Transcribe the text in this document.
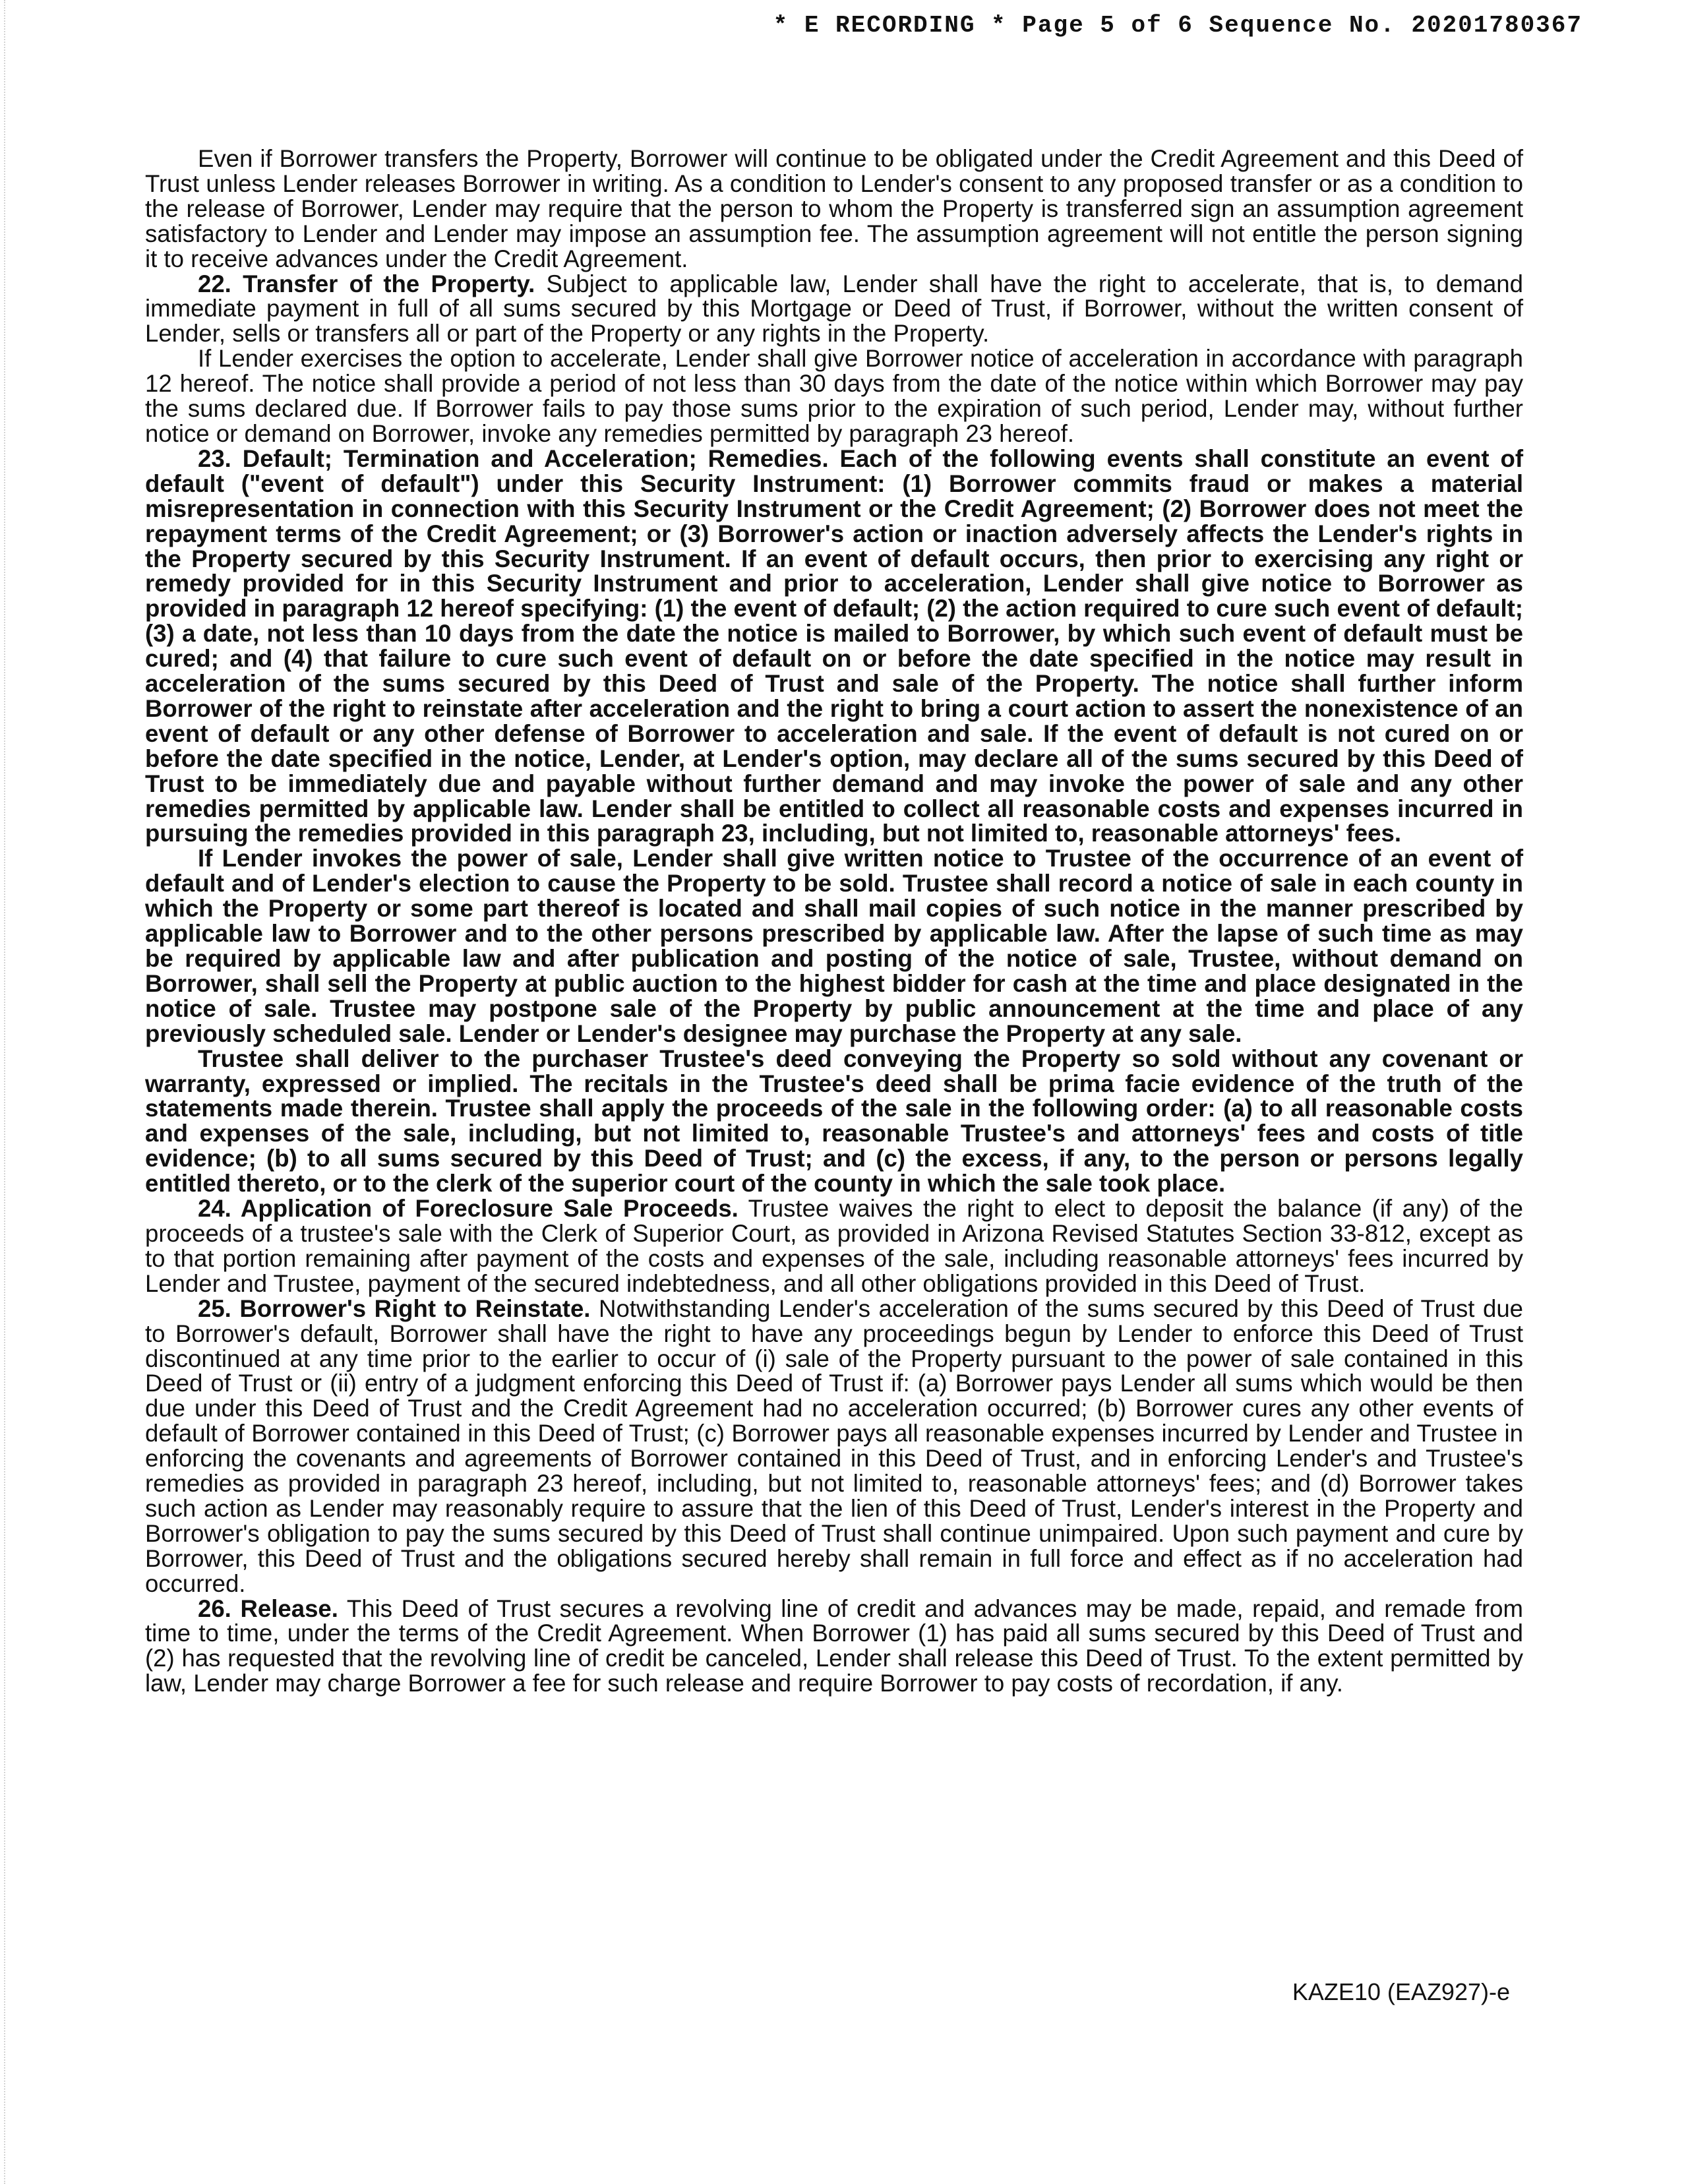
* E RECORDING * Page 5 of 6 Sequence No. 20201780367

Even if Borrower transfers the Property, Borrower will continue to be obligated under the Credit Agreement and this Deed of Trust unless Lender releases Borrower in writing. As a condition to Lender's consent to any proposed transfer or as a condition to the release of Borrower, Lender may require that the person to whom the Property is transferred sign an assumption agreement satisfactory to Lender and Lender may impose an assumption fee. The assumption agreement will not entitle the person signing it to receive advances under the Credit Agreement.

22. Transfer of the Property. Subject to applicable law, Lender shall have the right to accelerate, that is, to demand immediate payment in full of all sums secured by this Mortgage or Deed of Trust, if Borrower, without the written consent of Lender, sells or transfers all or part of the Property or any rights in the Property.

If Lender exercises the option to accelerate, Lender shall give Borrower notice of acceleration in accordance with paragraph 12 hereof. The notice shall provide a period of not less than 30 days from the date of the notice within which Borrower may pay the sums declared due. If Borrower fails to pay those sums prior to the expiration of such period, Lender may, without further notice or demand on Borrower, invoke any remedies permitted by paragraph 23 hereof.

23. Default; Termination and Acceleration; Remedies. Each of the following events shall constitute an event of default ("event of default") under this Security Instrument: (1) Borrower commits fraud or makes a material misrepresentation in connection with this Security Instrument or the Credit Agreement; (2) Borrower does not meet the repayment terms of the Credit Agreement; or (3) Borrower's action or inaction adversely affects the Lender's rights in the Property secured by this Security Instrument. If an event of default occurs, then prior to exercising any right or remedy provided for in this Security Instrument and prior to acceleration, Lender shall give notice to Borrower as provided in paragraph 12 hereof specifying: (1) the event of default; (2) the action required to cure such event of default; (3) a date, not less than 10 days from the date the notice is mailed to Borrower, by which such event of default must be cured; and (4) that failure to cure such event of default on or before the date specified in the notice may result in acceleration of the sums secured by this Deed of Trust and sale of the Property. The notice shall further inform Borrower of the right to reinstate after acceleration and the right to bring a court action to assert the nonexistence of an event of default or any other defense of Borrower to acceleration and sale. If the event of default is not cured on or before the date specified in the notice, Lender, at Lender's option, may declare all of the sums secured by this Deed of Trust to be immediately due and payable without further demand and may invoke the power of sale and any other remedies permitted by applicable law. Lender shall be entitled to collect all reasonable costs and expenses incurred in pursuing the remedies provided in this paragraph 23, including, but not limited to, reasonable attorneys' fees.

If Lender invokes the power of sale, Lender shall give written notice to Trustee of the occurrence of an event of default and of Lender's election to cause the Property to be sold. Trustee shall record a notice of sale in each county in which the Property or some part thereof is located and shall mail copies of such notice in the manner prescribed by applicable law to Borrower and to the other persons prescribed by applicable law. After the lapse of such time as may be required by applicable law and after publication and posting of the notice of sale, Trustee, without demand on Borrower, shall sell the Property at public auction to the highest bidder for cash at the time and place designated in the notice of sale. Trustee may postpone sale of the Property by public announcement at the time and place of any previously scheduled sale. Lender or Lender's designee may purchase the Property at any sale.

Trustee shall deliver to the purchaser Trustee's deed conveying the Property so sold without any covenant or warranty, expressed or implied. The recitals in the Trustee's deed shall be prima facie evidence of the truth of the statements made therein. Trustee shall apply the proceeds of the sale in the following order: (a) to all reasonable costs and expenses of the sale, including, but not limited to, reasonable Trustee's and attorneys' fees and costs of title evidence; (b) to all sums secured by this Deed of Trust; and (c) the excess, if any, to the person or persons legally entitled thereto, or to the clerk of the superior court of the county in which the sale took place.

24. Application of Foreclosure Sale Proceeds. Trustee waives the right to elect to deposit the balance (if any) of the proceeds of a trustee's sale with the Clerk of Superior Court, as provided in Arizona Revised Statutes Section 33-812, except as to that portion remaining after payment of the costs and expenses of the sale, including reasonable attorneys' fees incurred by Lender and Trustee, payment of the secured indebtedness, and all other obligations provided in this Deed of Trust.

25. Borrower's Right to Reinstate. Notwithstanding Lender's acceleration of the sums secured by this Deed of Trust due to Borrower's default, Borrower shall have the right to have any proceedings begun by Lender to enforce this Deed of Trust discontinued at any time prior to the earlier to occur of (i) sale of the Property pursuant to the power of sale contained in this Deed of Trust or (ii) entry of a judgment enforcing this Deed of Trust if: (a) Borrower pays Lender all sums which would be then due under this Deed of Trust and the Credit Agreement had no acceleration occurred; (b) Borrower cures any other events of default of Borrower contained in this Deed of Trust; (c) Borrower pays all reasonable expenses incurred by Lender and Trustee in enforcing the covenants and agreements of Borrower contained in this Deed of Trust, and in enforcing Lender's and Trustee's remedies as provided in paragraph 23 hereof, including, but not limited to, reasonable attorneys' fees; and (d) Borrower takes such action as Lender may reasonably require to assure that the lien of this Deed of Trust, Lender's interest in the Property and Borrower's obligation to pay the sums secured by this Deed of Trust shall continue unimpaired. Upon such payment and cure by Borrower, this Deed of Trust and the obligations secured hereby shall remain in full force and effect as if no acceleration had occurred.

26. Release. This Deed of Trust secures a revolving line of credit and advances may be made, repaid, and remade from time to time, under the terms of the Credit Agreement. When Borrower (1) has paid all sums secured by this Deed of Trust and (2) has requested that the revolving line of credit be canceled, Lender shall release this Deed of Trust. To the extent permitted by law, Lender may charge Borrower a fee for such release and require Borrower to pay costs of recordation, if any.

KAZE10 (EAZ927)-e
